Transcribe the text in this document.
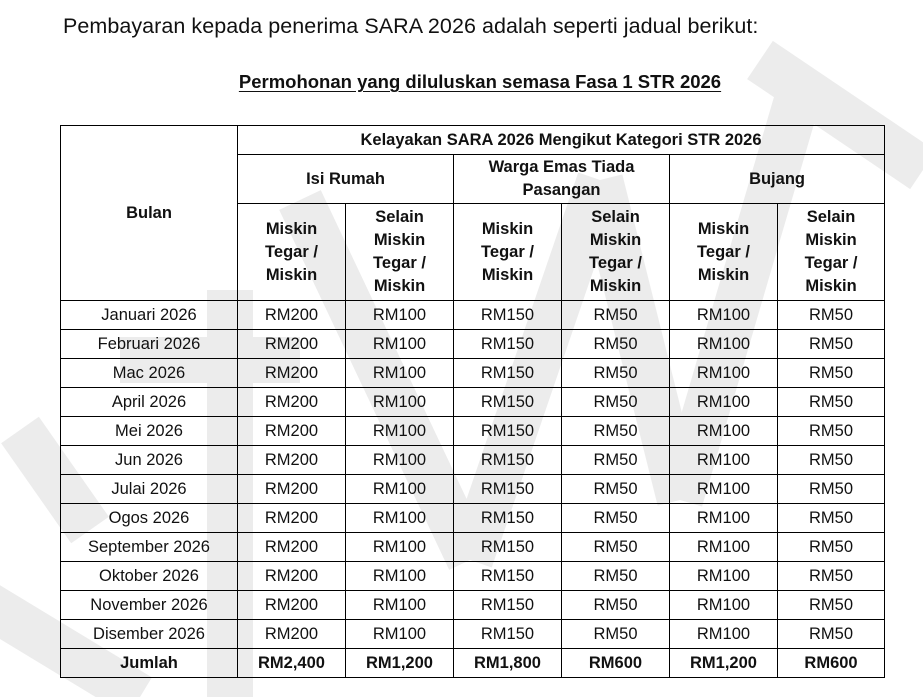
Pembayaran kepada penerima SARA 2026 adalah seperti jadual berikut:
Permohonan yang diluluskan semasa Fasa 1 STR 2026
Bulan	Kelayakan SARA 2026 Mengikut Kategori STR 2026					
	Isi Rumah		Warga Emas Tiada Pasangan		Bujang	
	Miskin Tegar / Miskin	Selain Miskin Tegar / Miskin	Miskin Tegar / Miskin	Selain Miskin Tegar / Miskin	Miskin Tegar / Miskin	Selain Miskin Tegar / Miskin
Januari 2026	RM200	RM100	RM150	RM50	RM100	RM50
Februari 2026	RM200	RM100	RM150	RM50	RM100	RM50
Mac 2026	RM200	RM100	RM150	RM50	RM100	RM50
April 2026	RM200	RM100	RM150	RM50	RM100	RM50
Mei 2026	RM200	RM100	RM150	RM50	RM100	RM50
Jun 2026	RM200	RM100	RM150	RM50	RM100	RM50
Julai 2026	RM200	RM100	RM150	RM50	RM100	RM50
Ogos 2026	RM200	RM100	RM150	RM50	RM100	RM50
September 2026	RM200	RM100	RM150	RM50	RM100	RM50
Oktober 2026	RM200	RM100	RM150	RM50	RM100	RM50
November 2026	RM200	RM100	RM150	RM50	RM100	RM50
Disember 2026	RM200	RM100	RM150	RM50	RM100	RM50
Jumlah	RM2,400	RM1,200	RM1,800	RM600	RM1,200	RM600
